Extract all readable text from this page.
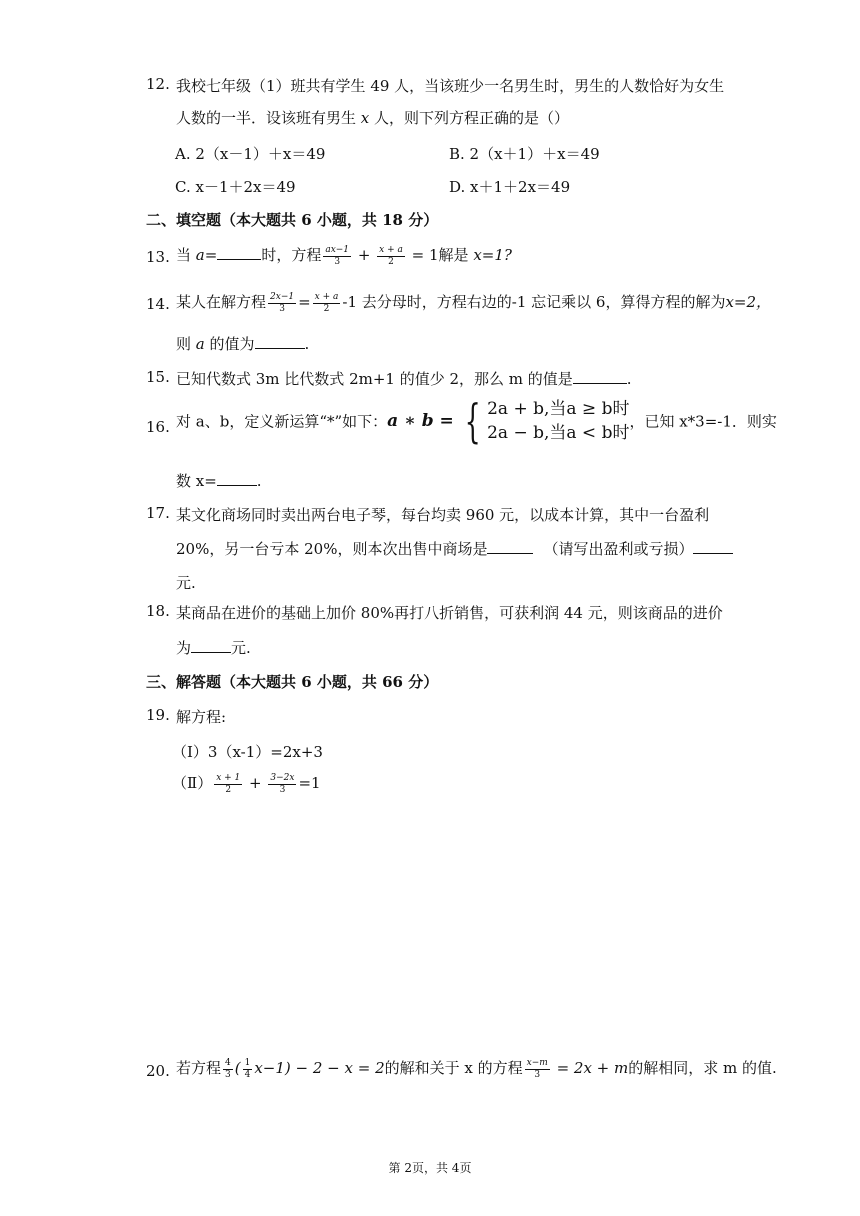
12. 我校七年级（1）班共有学生 49 人，当该班少一名男生时，男生的人数恰好为女生
人数的一半．设该班有男生 x 人，则下列方程正确的是（）
A. 2（x－1）＋x＝49	B. 2（x＋1）＋x＝49
C. x－1＋2x＝49	D. x＋1＋2x＝49
二、填空题（本大题共 6 小题，共 18 分）
13. 当 a=	时，方程 $\frac{ax-1}{3} + \frac{x + a}{2} = 1$解是 x=1?
14. 某人在解方程 $\frac{2x-1}{3} = \frac{x + a}{2} -1$ 去分母时，方程右边的-1 忘记乘以 6，算得方程的解为x=2，
则 a 的值为	.
15. 已知代数式 3m 比代数式 2m+1 的值少 2，那么 m 的值是	.
16. 对 a、b，定义新运算“*”如下：a ∗ b = { 2a + b,当a ≥ b时
2a − b,当a < b时
，已知 x*3=-1．则实
数 x=	.
17. 某文化商场同时卖出两台电子琴，每台均卖 960 元，以成本计算，其中一台盈利
20%，另一台亏本 20%，则本次出售中商场是	（请写出盈利或亏损）
元.
18. 某商品在进价的基础上加价 80%再打八折销售，可获利润 44 元，则该商品的进价
为	元.
三、解答题（本大题共 6 小题，共 66 分）
19. 解方程:
（Ⅰ）3（x-1）=2x+3
（Ⅱ） $\frac{x + 1}{2} + \frac{3-2x}{3} =1$
20. 若方程 $\frac{4}{3}$ ( $\frac{1}{4} x-1) - 2 - x = 2$的解和关于 x 的方程 $\frac{x-m}{3} = 2x + m$的解相同，求 m 的值.
第 2页，共 4页
